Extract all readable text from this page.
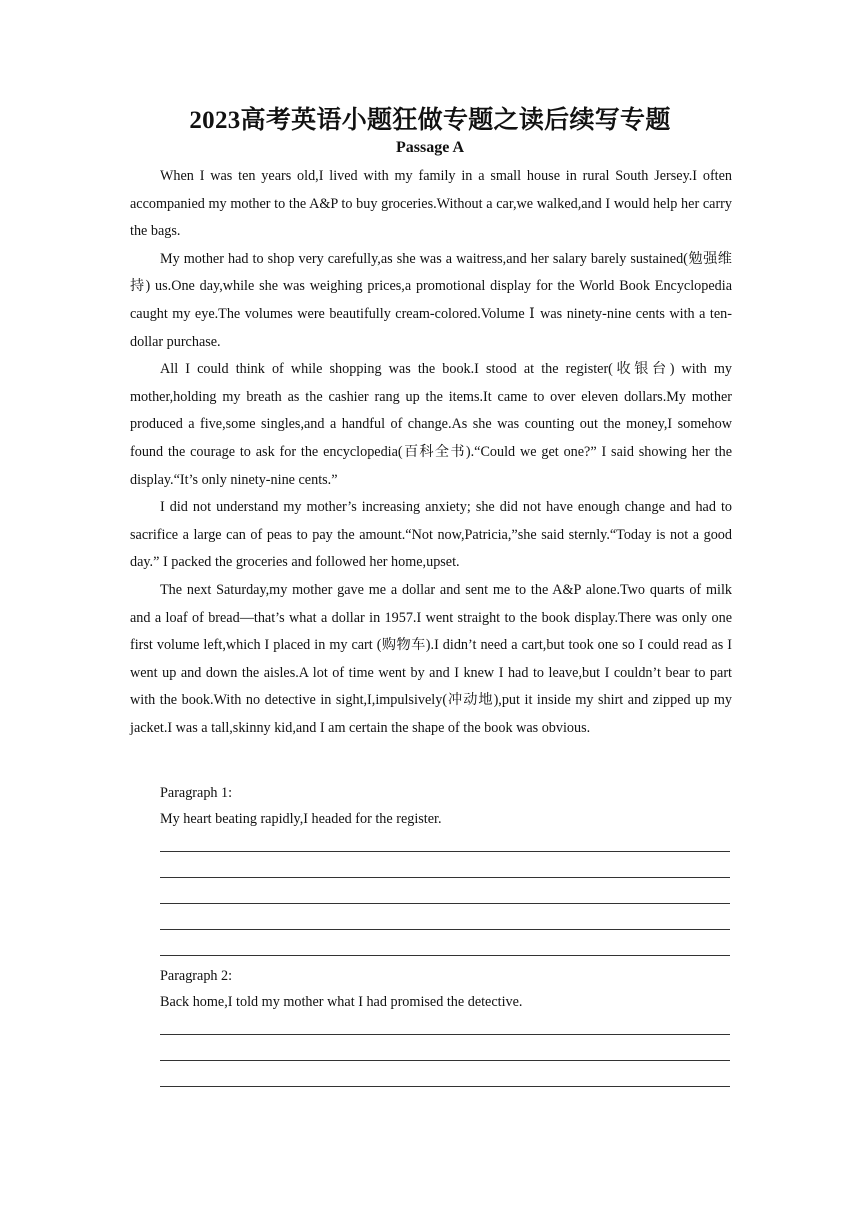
2023高考英语小题狂做专题之读后续写专题
Passage A

When I was ten years old,I lived with my family in a small house in rural South Jersey.I often accompanied my mother to the A&P to buy groceries.Without a car,we walked,and I would help her carry the bags.

My mother had to shop very carefully,as she was a waitress,and her salary barely sustained(勉强维持) us.One day,while she was weighing prices,a promotional display for the World Book Encyclopedia caught my eye.The volumes were beautifully cream-colored.Volume Ⅰ was ninety-nine cents with a ten-dollar purchase.

All I could think of while shopping was the book.I stood at the register(收银台) with my mother,holding my breath as the cashier rang up the items.It came to over eleven dollars.My mother produced a five,some singles,and a handful of change.As she was counting out the money,I somehow found the courage to ask for the encyclopedia(百科全书).“Could we get one?” I said showing her the display.“It’s only ninety-nine cents.”

I did not understand my mother’s increasing anxiety; she did not have enough change and had to sacrifice a large can of peas to pay the amount.“Not now,Patricia,”she said sternly.“Today is not a good day.” I packed the groceries and followed her home,upset.

The next Saturday,my mother gave me a dollar and sent me to the A&P alone.Two quarts of milk and a loaf of bread—that’s what a dollar in 1957.I went straight to the book display.There was only one first volume left,which I placed in my cart (购物车).I didn’t need a cart,but took one so I could read as I went up and down the aisles.A lot of time went by and I knew I had to leave,but I couldn’t bear to part with the book.With no detective in sight,I,impulsively(冲动地),put it inside my shirt and zipped up my jacket.I was a tall,skinny kid,and I am certain the shape of the book was obvious.

Paragraph 1:
My heart beating rapidly,I headed for the register.
Paragraph 2:
Back home,I told my mother what I had promised the detective.
